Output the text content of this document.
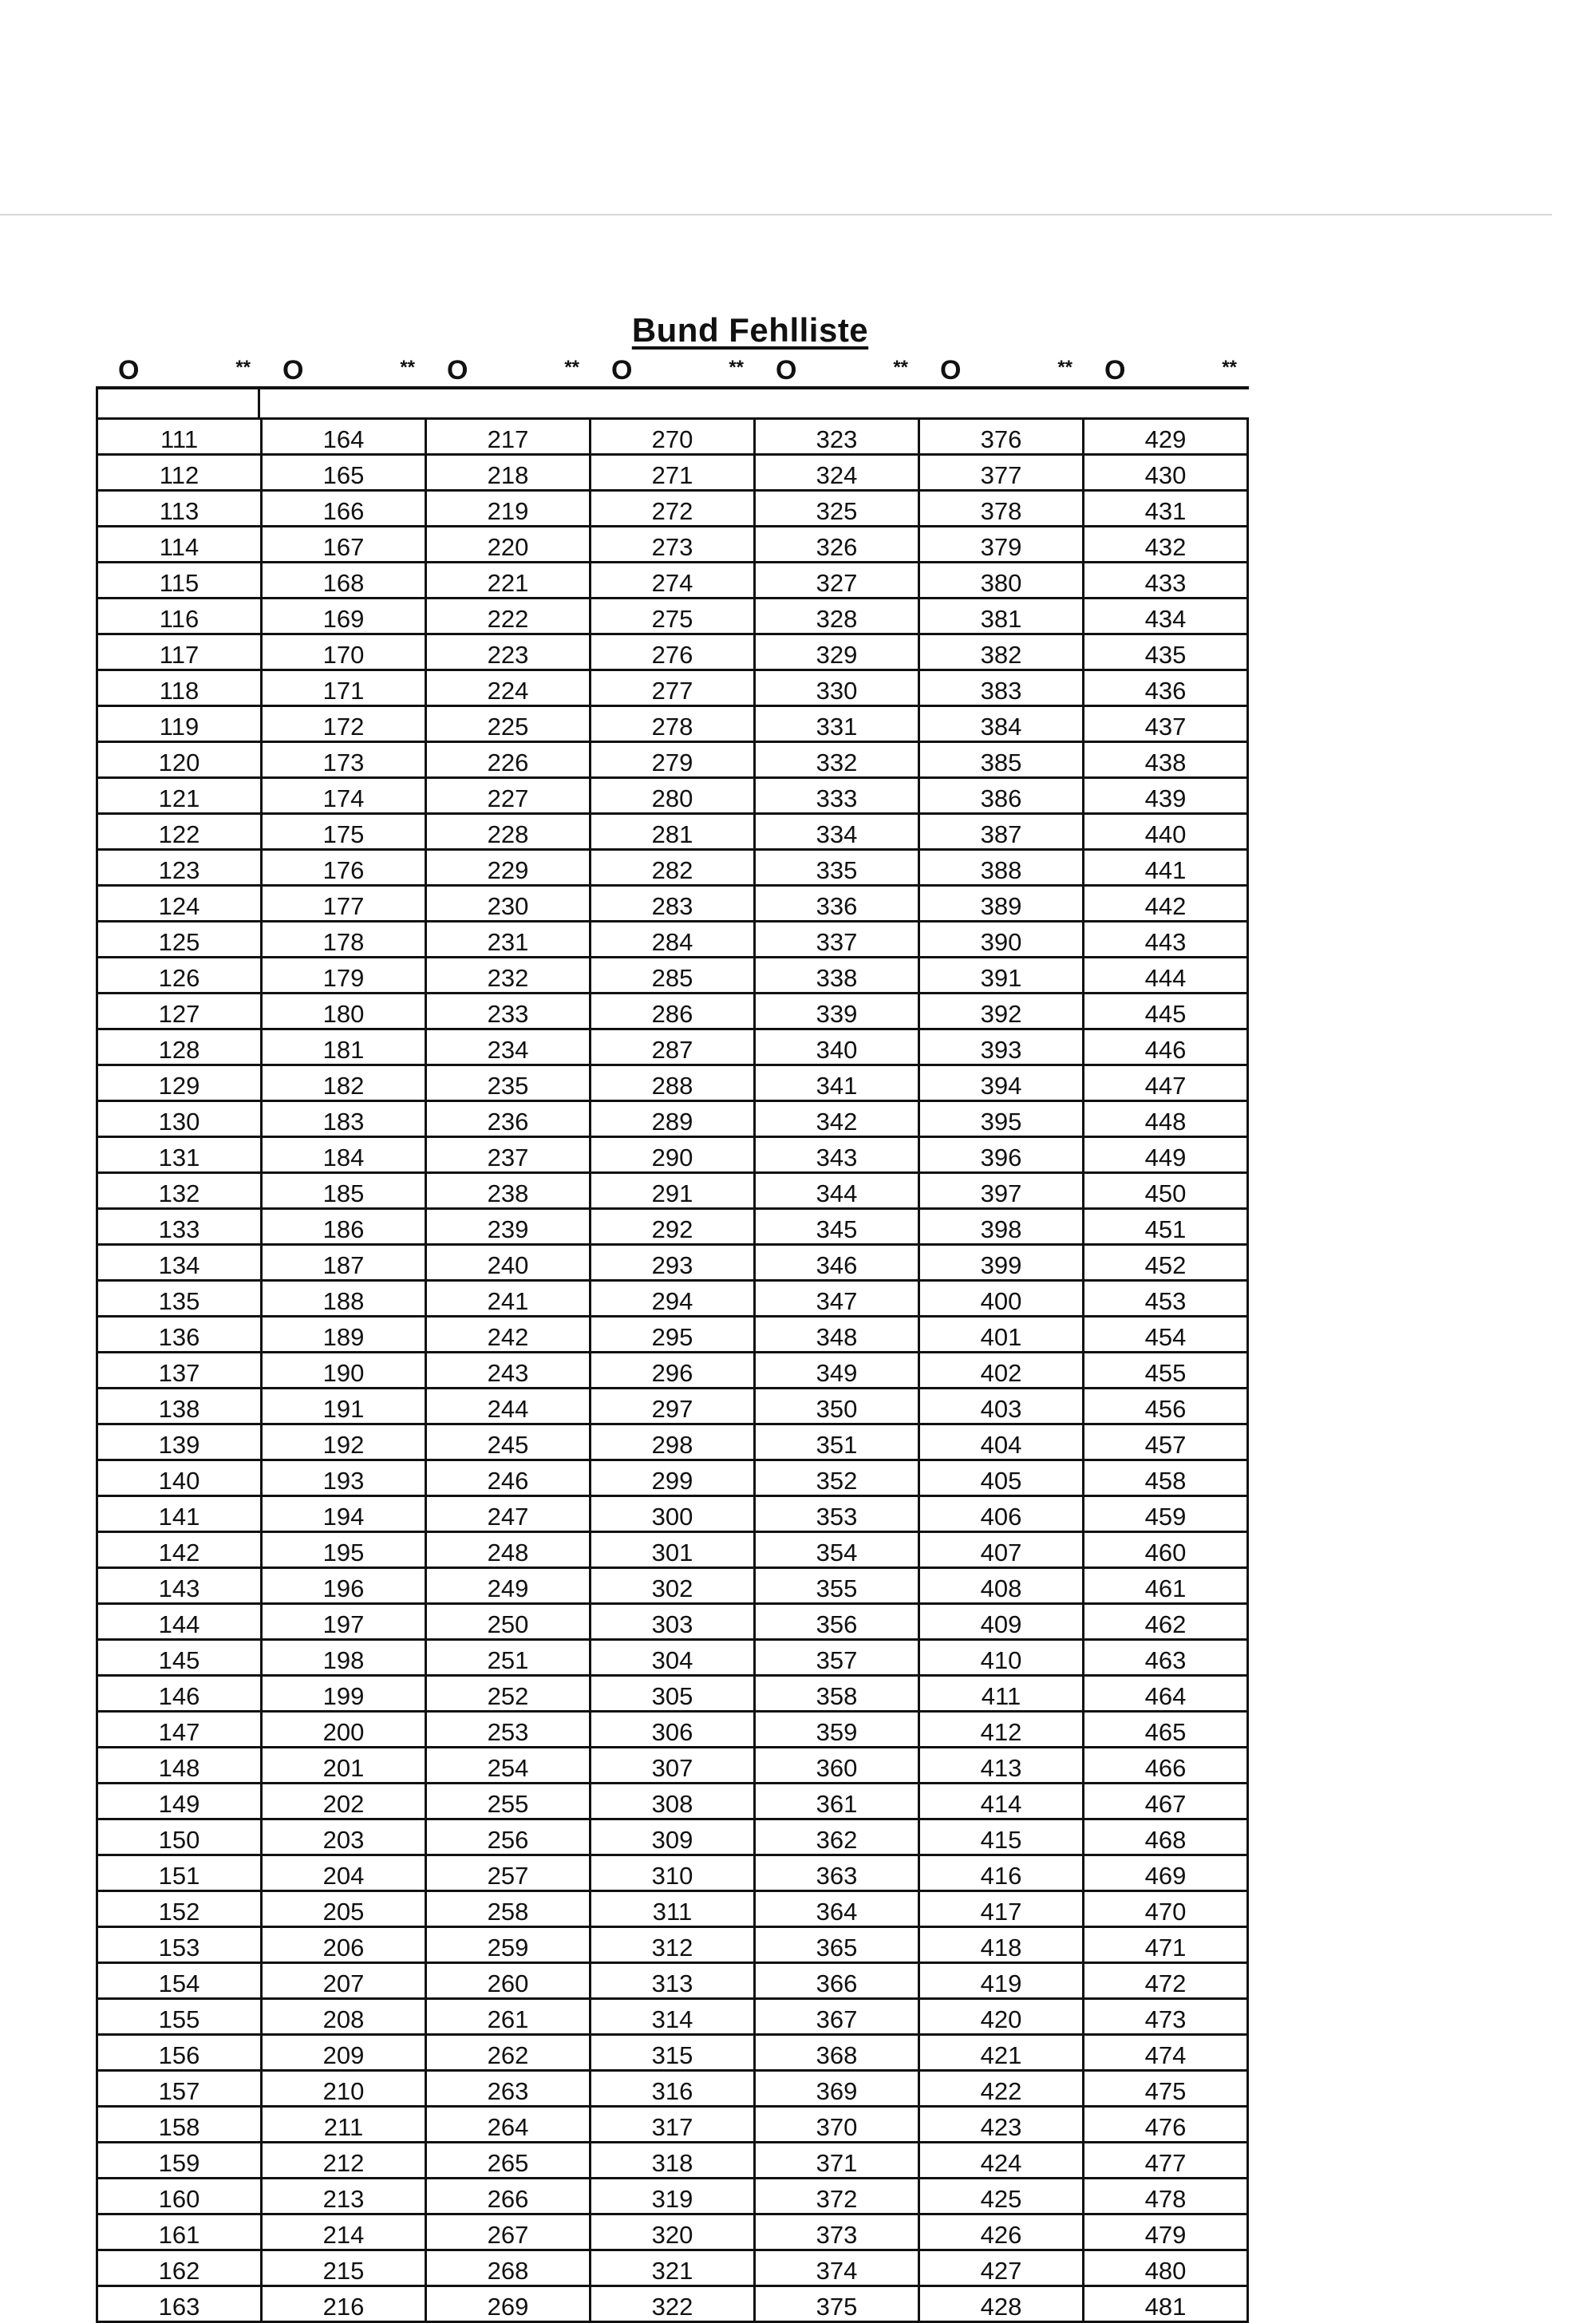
Bund Fehlliste
O	** O	** O	** O	** O	** O	** O	**
111	164	217	270	323	376	429
112	165	218	271	324	377	430
113	166	219	272	325	378	431
114	167	220	273	326	379	432
115	168	221	274	327	380	433
116	169	222	275	328	381	434
117	170	223	276	329	382	435
118	171	224	277	330	383	436
119	172	225	278	331	384	437
120	173	226	279	332	385	438
121	174	227	280	333	386	439
122	175	228	281	334	387	440
123	176	229	282	335	388	441
124	177	230	283	336	389	442
125	178	231	284	337	390	443
126	179	232	285	338	391	444
127	180	233	286	339	392	445
128	181	234	287	340	393	446
129	182	235	288	341	394	447
130	183	236	289	342	395	448
131	184	237	290	343	396	449
132	185	238	291	344	397	450
133	186	239	292	345	398	451
134	187	240	293	346	399	452
135	188	241	294	347	400	453
136	189	242	295	348	401	454
137	190	243	296	349	402	455
138	191	244	297	350	403	456
139	192	245	298	351	404	457
140	193	246	299	352	405	458
141	194	247	300	353	406	459
142	195	248	301	354	407	460
143	196	249	302	355	408	461
144	197	250	303	356	409	462
145	198	251	304	357	410	463
146	199	252	305	358	411	464
147	200	253	306	359	412	465
148	201	254	307	360	413	466
149	202	255	308	361	414	467
150	203	256	309	362	415	468
151	204	257	310	363	416	469
152	205	258	311	364	417	470
153	206	259	312	365	418	471
154	207	260	313	366	419	472
155	208	261	314	367	420	473
156	209	262	315	368	421	474
157	210	263	316	369	422	475
158	211	264	317	370	423	476
159	212	265	318	371	424	477
160	213	266	319	372	425	478
161	214	267	320	373	426	479
162	215	268	321	374	427	480
163	216	269	322	375	428	481
